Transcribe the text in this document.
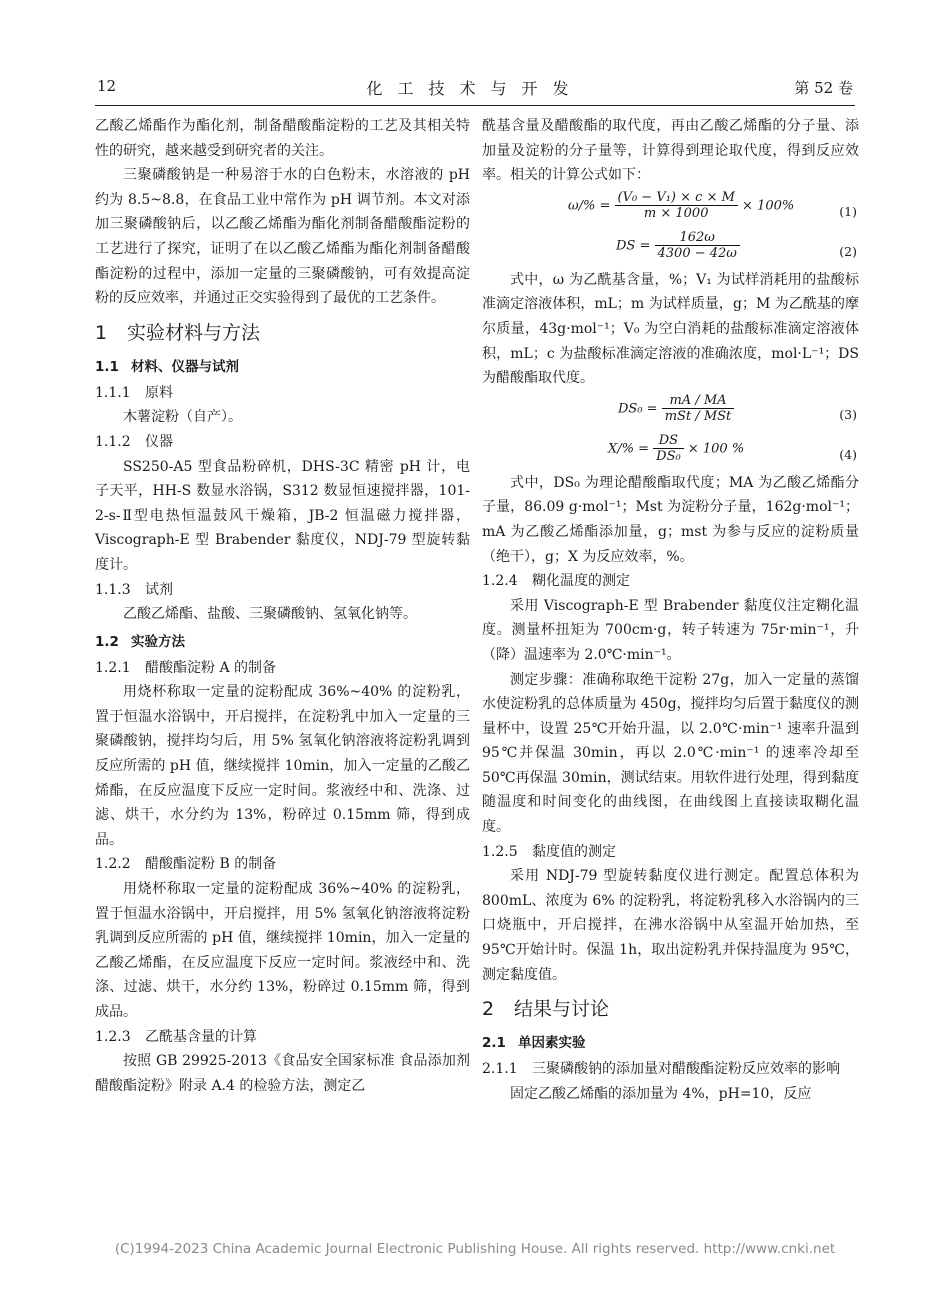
12	化工技术与开发	第 52 卷

乙酸乙烯酯作为酯化剂，制备醋酸酯淀粉的工艺及其相关特性的研究，越来越受到研究者的关注。

三聚磷酸钠是一种易溶于水的白色粉末，水溶液的 pH 约为 8.5~8.8，在食品工业中常作为 pH 调节剂。本文对添加三聚磷酸钠后，以乙酸乙烯酯为酯化剂制备醋酸酯淀粉的工艺进行了探究，证明了在以乙酸乙烯酯为酯化剂制备醋酸酯淀粉的过程中，添加一定量的三聚磷酸钠，可有效提高淀粉的反应效率，并通过正交实验得到了最优的工艺条件。

1 实验材料与方法
1.1 材料、仪器与试剂
1.1.1 原料

木薯淀粉（自产）。

1.1.2 仪器

SS250-A5 型食品粉碎机，DHS-3C 精密 pH 计，电子天平，HH-S 数显水浴锅，S312 数显恒速搅拌器，101-2-s-Ⅱ型电热恒温鼓风干燥箱，JB-2 恒温磁力搅拌器，Viscograph-E 型 Brabender 黏度仪，NDJ-79 型旋转黏度计。

1.1.3 试剂

乙酸乙烯酯、盐酸、三聚磷酸钠、氢氧化钠等。

1.2 实验方法
1.2.1 醋酸酯淀粉 A 的制备

用烧杯称取一定量的淀粉配成 36%~40% 的淀粉乳，置于恒温水浴锅中，开启搅拌，在淀粉乳中加入一定量的三聚磷酸钠，搅拌均匀后，用 5% 氢氧化钠溶液将淀粉乳调到反应所需的 pH 值，继续搅拌 10min，加入一定量的乙酸乙烯酯，在反应温度下反应一定时间。浆液经中和、洗涤、过滤、烘干，水分约为 13%，粉碎过 0.15mm 筛，得到成品。

1.2.2 醋酸酯淀粉 B 的制备

用烧杯称取一定量的淀粉配成 36%~40% 的淀粉乳，置于恒温水浴锅中，开启搅拌，用 5% 氢氧化钠溶液将淀粉乳调到反应所需的 pH 值，继续搅拌 10min，加入一定量的乙酸乙烯酯，在反应温度下反应一定时间。浆液经中和、洗涤、过滤、烘干，水分约 13%，粉碎过 0.15mm 筛，得到成品。

1.2.3 乙酰基含量的计算

按照 GB 29925-2013《食品安全国家标准 食品添加剂醋酸酯淀粉》附录 A.4 的检验方法，测定乙

酰基含量及醋酸酯的取代度，再由乙酸乙烯酯的分子量、添加量及淀粉的分子量等，计算得到理论取代度，得到反应效率。相关的计算公式如下：

$\omega/\% = \frac{\text{(V₀ − V₁) × c × M}}{m \times 1000} \times 100\%$	(1)
DS = $\frac{162\omega}{4300 - 42\omega}$	(2)

式中，ω 为乙酰基含量，%；V₁ 为试样消耗用的盐酸标准滴定溶液体积，mL；m 为试样质量，g；M 为乙酰基的摩尔质量，43g·mol⁻¹；V₀ 为空白消耗的盐酸标准滴定溶液体积，mL；c 为盐酸标准滴定溶液的准确浓度，mol·L⁻¹；DS 为醋酸酯取代度。

$DS_0 = \frac{mA / MA}{\text{mSt / MSt}}$	(3)
$X/\% = \frac{DS}{\text{DS₀}} \times 100$ %	(4)

式中，DS₀ 为理论醋酸酯取代度；MA 为乙酸乙烯酯分子量，86.09 g·mol⁻¹；Mst 为淀粉分子量，162g·mol⁻¹；mA 为乙酸乙烯酯添加量，g；mst 为参与反应的淀粉质量（绝干），g；X 为反应效率，%。

1.2.4 糊化温度的测定

采用 Viscograph-E 型 Brabender 黏度仪注定糊化温度。测量杯扭矩为 700cm·g，转子转速为 75r·min⁻¹，升（降）温速率为 2.0℃·min⁻¹。

测定步骤：准确称取绝干淀粉 27g，加入一定量的蒸馏水使淀粉乳的总体质量为 450g，搅拌均匀后置于黏度仪的测量杯中，设置 25℃开始升温，以 2.0℃·min⁻¹ 速率升温到 95℃并保温 30min，再以 2.0℃·min⁻¹ 的速率冷却至 50℃再保温 30min，测试结束。用软件进行处理，得到黏度随温度和时间变化的曲线图，在曲线图上直接读取糊化温度。

1.2.5 黏度值的测定

采用 NDJ-79 型旋转黏度仪进行测定。配置总体积为 800mL、浓度为 6% 的淀粉乳，将淀粉乳移入水浴锅内的三口烧瓶中，开启搅拌，在沸水浴锅中从室温开始加热，至 95℃开始计时。保温 1h，取出淀粉乳并保持温度为 95℃，测定黏度值。

2 结果与讨论
2.1 单因素实验
2.1.1 三聚磷酸钠的添加量对醋酸酯淀粉反应效率的影响

固定乙酸乙烯酯的添加量为 4%，pH=10，反应

(C)1994-2023 China Academic Journal Electronic Publishing House. All rights reserved. http://www.cnki.net
